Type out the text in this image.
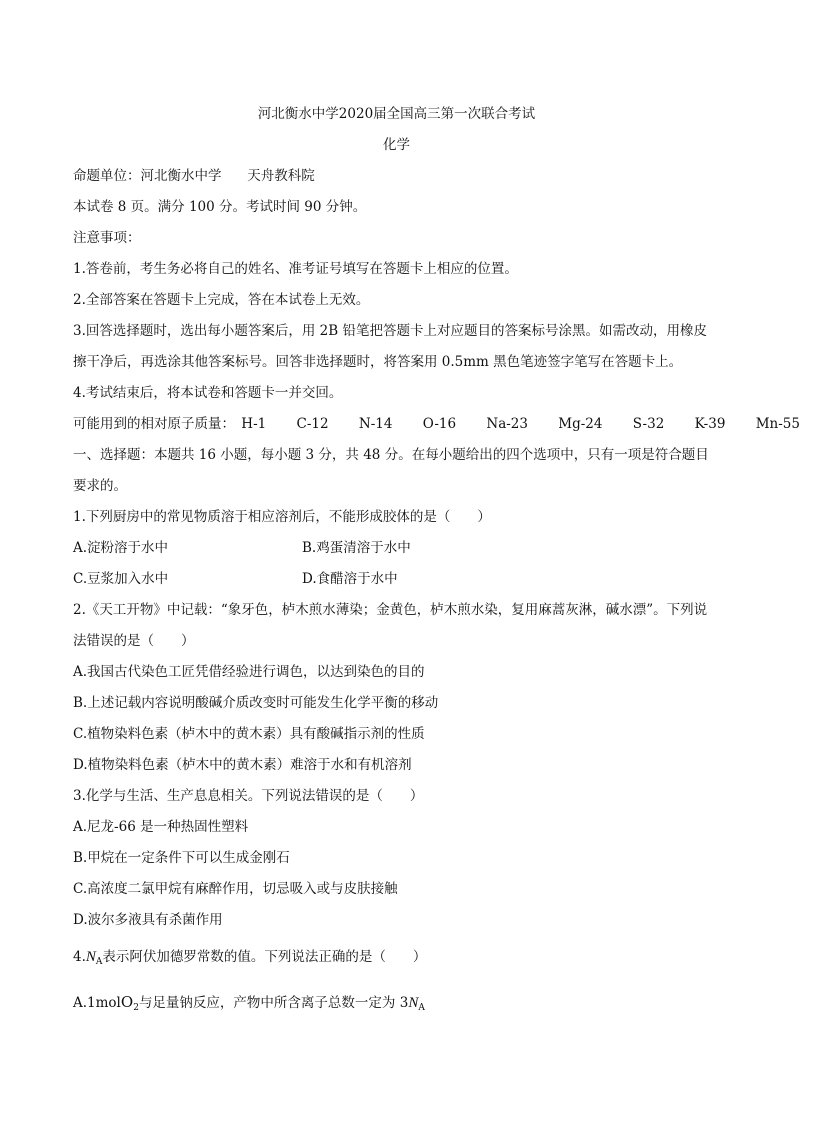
河北衡水中学2020届全国高三第一次联合考试
化学
命题单位：河北衡水中学      天舟教科院
本试卷 8 页。满分 100 分。考试时间 90 分钟。
注意事项：
1.答卷前，考生务必将自己的姓名、准考证号填写在答题卡上相应的位置。
2.全部答案在答题卡上完成，答在本试卷上无效。
3.回答选择题时，选出每小题答案后，用 2B 铅笔把答题卡上对应题目的答案标号涂黑。如需改动，用橡皮
擦干净后，再选涂其他答案标号。回答非选择题时，将答案用 0.5mm 黑色笔迹签字笔写在答题卡上。
4.考试结束后，将本试卷和答题卡一并交回。
可能用到的相对原子质量： H-1 C-12 N-14 O-16 Na-23 Mg-24 S-32 K-39 Mn-55
一、选择题：本题共 16 小题，每小题 3 分，共 48 分。在每小题给出的四个选项中，只有一项是符合题目
要求的。
1.下列厨房中的常见物质溶于相应溶剂后，不能形成胶体的是（　　）
A.淀粉溶于水中	B.鸡蛋清溶于水中
C.豆浆加入水中	D.食醋溶于水中
2.《天工开物》中记载：“象牙色，栌木煎水薄染；金黄色，栌木煎水染，复用麻蒿灰淋，碱水漂”。下列说
法错误的是（　　）
A.我国古代染色工匠凭借经验进行调色，以达到染色的目的
B.上述记载内容说明酸碱介质改变时可能发生化学平衡的移动
C.植物染料色素（栌木中的黄木素）具有酸碱指示剂的性质
D.植物染料色素（栌木中的黄木素）难溶于水和有机溶剂
3.化学与生活、生产息息相关。下列说法错误的是（　　）
A.尼龙-66 是一种热固性塑料
B.甲烷在一定条件下可以生成金刚石
C.高浓度二氯甲烷有麻醉作用，切忌吸入或与皮肤接触
D.波尔多液具有杀菌作用
$4.N_A$表示阿伏加德罗常数的值。下列说法正确的是（　　）
A.1molO$_2$与足量钠反应，产物中所含离子总数一定为 $3N_A$
